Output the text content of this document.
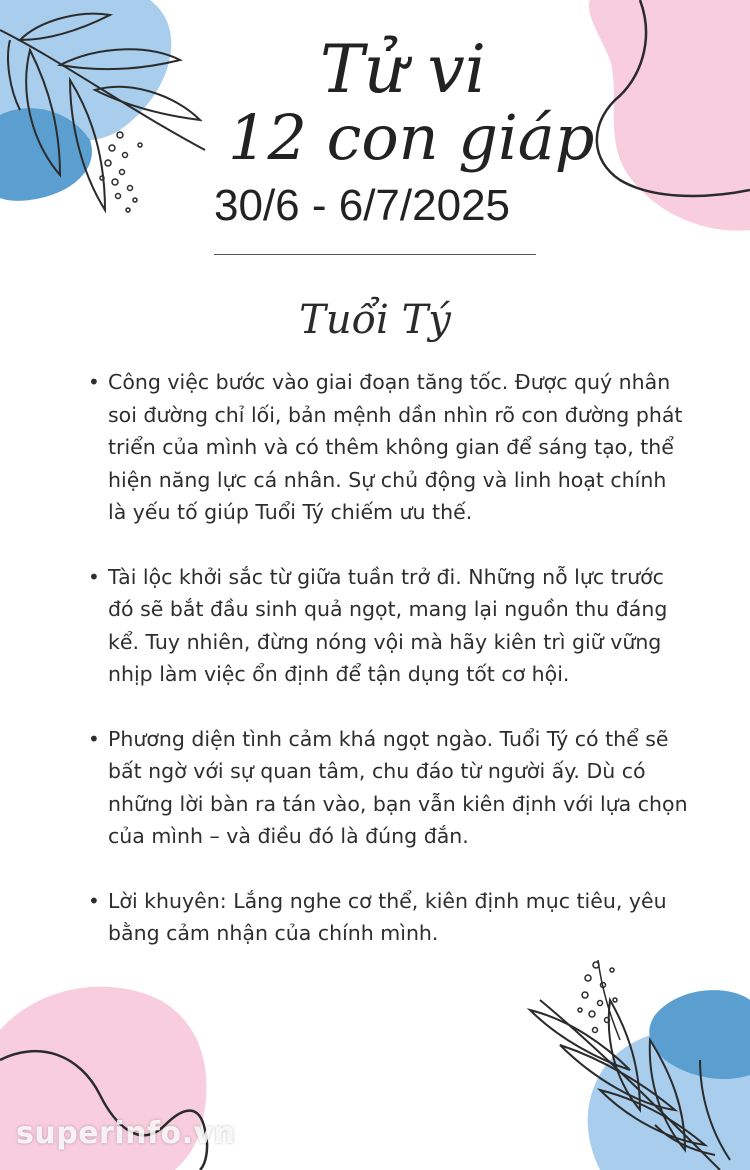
Tử vi
12 con giáp
30/6 - 6/7/2025
Tuổi Tý
• Công việc bước vào giai đoạn tăng tốc. Được quý nhân soi đường chỉ lối, bản mệnh dần nhìn rõ con đường phát triển của mình và có thêm không gian để sáng tạo, thể hiện năng lực cá nhân. Sự chủ động và linh hoạt chính là yếu tố giúp Tuổi Tý chiếm ưu thế.
• Tài lộc khởi sắc từ giữa tuần trở đi. Những nỗ lực trước đó sẽ bắt đầu sinh quả ngọt, mang lại nguồn thu đáng kể. Tuy nhiên, đừng nóng vội mà hãy kiên trì giữ vững nhịp làm việc ổn định để tận dụng tốt cơ hội.
• Phương diện tình cảm khá ngọt ngào. Tuổi Tý có thể sẽ bất ngờ với sự quan tâm, chu đáo từ người ấy. Dù có những lời bàn ra tán vào, bạn vẫn kiên định với lựa chọn của mình – và điều đó là đúng đắn.
• Lời khuyên: Lắng nghe cơ thể, kiên định mục tiêu, yêu bằng cảm nhận của chính mình.
superinfo.vn
